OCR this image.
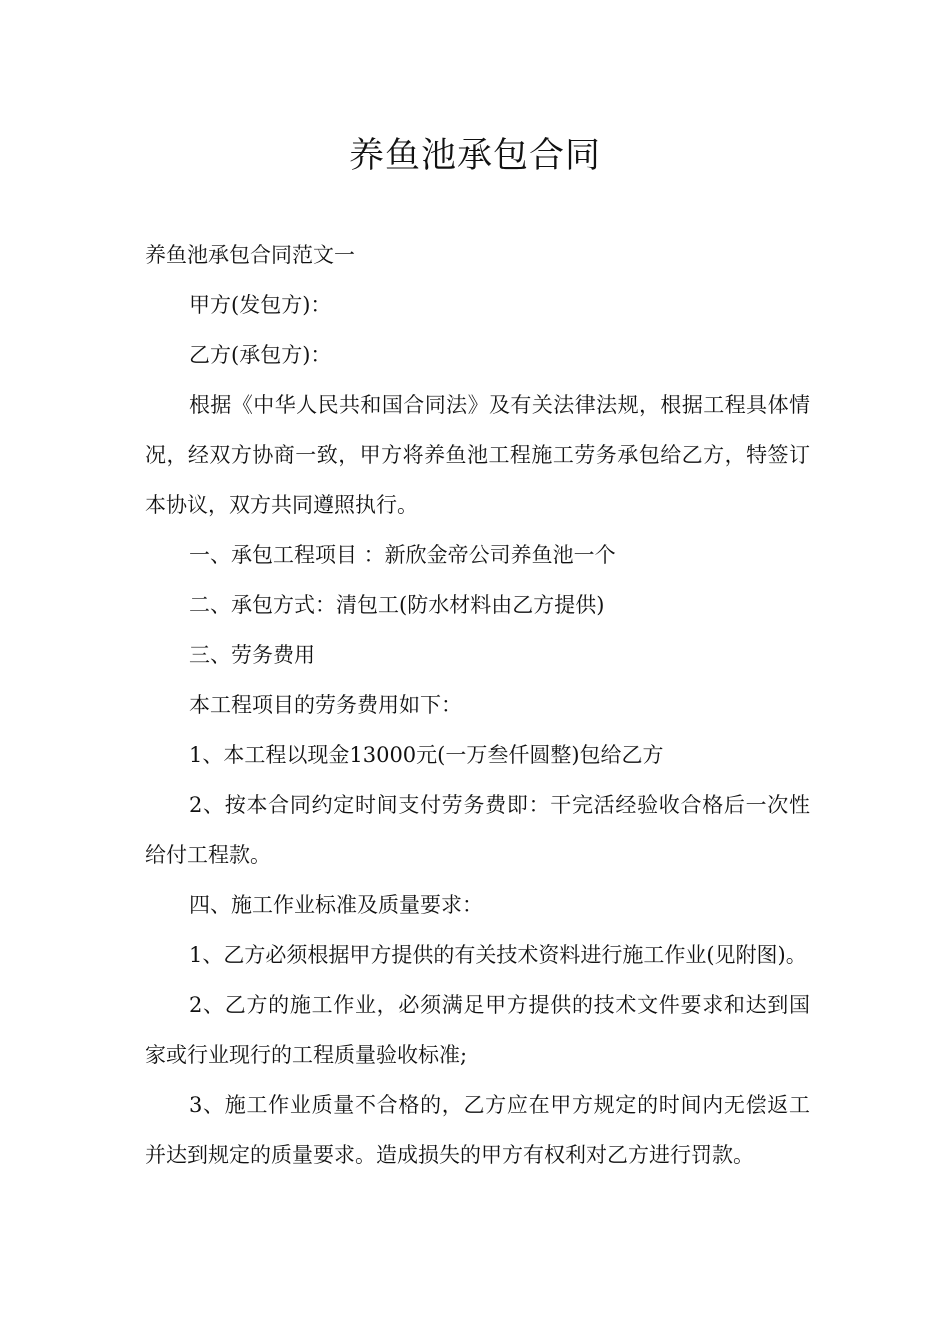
养鱼池承包合同

养鱼池承包合同范文一

甲方(发包方)：

乙方(承包方)：

根据《中华人民共和国合同法》及有关法律法规，根据工程具体情况，经双方协商一致，甲方将养鱼池工程施工劳务承包给乙方，特签订本协议，双方共同遵照执行。

一、承包工程项目 ：新欣金帝公司养鱼池一个

二、承包方式：清包工(防水材料由乙方提供)

三、劳务费用

本工程项目的劳务费用如下：

1、本工程以现金13000元(一万叁仟圆整)包给乙方

2、按本合同约定时间支付劳务费即：干完活经验收合格后一次性给付工程款。

四、施工作业标准及质量要求：

1、乙方必须根据甲方提供的有关技术资料进行施工作业(见附图)。

2、乙方的施工作业，必须满足甲方提供的技术文件要求和达到国家或行业现行的工程质量验收标准;

3、施工作业质量不合格的，乙方应在甲方规定的时间内无偿返工并达到规定的质量要求。造成损失的甲方有权利对乙方进行罚款。
